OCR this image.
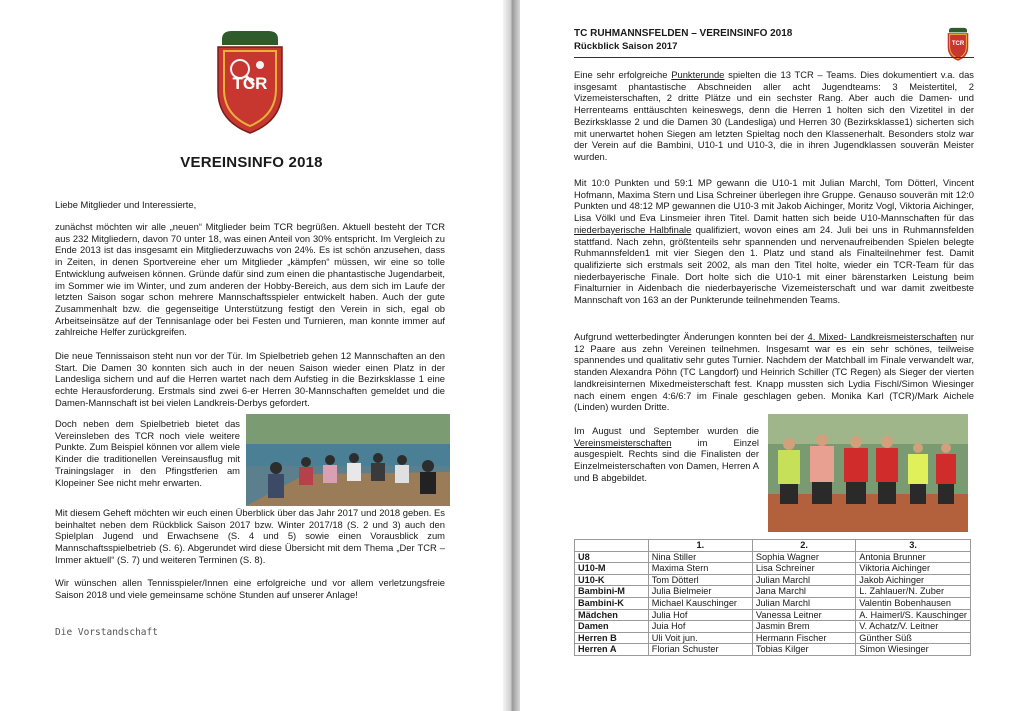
TCR
VEREINSINFO 2018

Liebe Mitglieder und Interessierte,

zunächst möchten wir alle „neuen“ Mitglieder beim TCR begrüßen. Aktuell besteht der TCR aus 232 Mitgliedern, davon 70 unter 18, was einen Anteil von 30% entspricht. Im Vergleich zu Ende 2013 ist das insgesamt ein Mitgliederzuwachs von 24%. Es ist schön anzusehen, dass in Zeiten, in denen Sportvereine eher um Mitglieder „kämpfen“ müssen, wir eine so tolle Entwicklung aufweisen können. Gründe dafür sind zum einen die phantastische Jugendarbeit, im Sommer wie im Winter, und zum anderen der Hobby-Bereich, aus dem sich im Laufe der letzten Saison sogar schon mehrere Mannschaftsspieler entwickelt haben. Auch der gute Zusammenhalt bzw. die gegenseitige Unterstützung festigt den Verein in sich, egal ob Arbeitseinsätze auf der Tennisanlage oder bei Festen und Turnieren, man konnte immer auf zahlreiche Helfer zurückgreifen.

Die neue Tennissaison steht nun vor der Tür. Im Spielbetrieb gehen 12 Mannschaften an den Start. Die Damen 30 konnten sich auch in der neuen Saison wieder einen Platz in der Landesliga sichern und auf die Herren wartet nach dem Aufstieg in die Bezirksklasse 1 eine echte Herausforderung. Erstmals sind zwei 6-er Herren 30-Mannschaften gemeldet und die Damen-Mannschaft ist bei vielen Landkreis-Derbys gefordert.

Doch neben dem Spielbetrieb bietet das Vereinsleben des TCR noch viele weitere Punkte. Zum Beispiel können vor allem viele Kinder die traditionellen Vereinsausflug mit Trainingslager in den Pfingstferien am Klopeiner See nicht mehr erwarten.

Mit diesem Geheft möchten wir euch einen Überblick über das Jahr 2017 und 2018 geben. Es beinhaltet neben dem Rückblick Saison 2017 bzw. Winter 2017/18 (S. 2 und 3) auch den Spielplan Jugend und Erwachsene (S. 4 und 5) sowie einen Vorausblick zum Mannschaftsspielbetrieb (S. 6). Abgerundet wird diese Übersicht mit dem Thema „Der TCR – Immer aktuell“ (S. 7) und weiteren Terminen (S. 8).

Wir wünschen allen Tennisspieler/Innen eine erfolgreiche und vor allem verletzungsfreie Saison 2018 und viele gemeinsame schöne Stunden auf unserer Anlage!

Die Vorstandschaft
TC RUHMANNSFELDEN – VEREINSINFO 2018
Rückblick Saison 2017	TCR

Eine sehr erfolgreiche Punkterunde spielten die 13 TCR – Teams. Dies dokumentiert v.a. das insgesamt phantastische Abschneiden aller acht Jugendteams: 3 Meistertitel, 2 Vizemeisterschaften, 2 dritte Plätze und ein sechster Rang. Aber auch die Damen- und Herrenteams enttäuschten keineswegs, denn die Herren 1 holten sich den Vizetitel in der Bezirksklasse 2 und die Damen 30 (Landesliga) und Herren 30 (Bezirksklasse1) sicherten sich mit unerwartet hohen Siegen am letzten Spieltag noch den Klassenerhalt. Besonders stolz war der Verein auf die Bambini, U10-1 und U10-3, die in ihren Jugendklassen souverän Meister wurden.

Mit 10:0 Punkten und 59:1 MP gewann die U10-1 mit Julian Marchl, Tom Dötterl, Vincent Hofmann, Maxima Stern und Lisa Schreiner überlegen ihre Gruppe. Genauso souverän mit 12:0 Punkten und 48:12 MP gewannen die U10-3 mit Jakob Aichinger, Moritz Vogl, Viktoria Aichinger, Lisa Völkl und Eva Linsmeier ihren Titel. Damit hatten sich beide U10-Mannschaften für das niederbayerische Halbfinale qualifiziert, wovon eines am 24. Juli bei uns in Ruhmannsfelden stattfand. Nach zehn, größtenteils sehr spannenden und nervenaufreibenden Spielen belegte Ruhmannsfelden1 mit vier Siegen den 1. Platz und stand als Finalteilnehmer fest. Damit qualifizierte sich erstmals seit 2002, als man den Titel holte, wieder ein TCR-Team für das niederbayerische Finale. Dort holte sich die U10-1 mit einer bärenstarken Leistung beim Finalturnier in Aidenbach die niederbayerische Vizemeisterschaft und war damit zweitbeste Mannschaft von 163 an der Punkterunde teilnehmenden Teams.

Aufgrund wetterbedingter Änderungen konnten bei der 4. Mixed- Landkreismeisterschaften nur 12 Paare aus zehn Vereinen teilnehmen. Insgesamt war es ein sehr schönes, teilweise spannendes und qualitativ sehr gutes Turnier. Nachdem der Matchball im Finale verwandelt war, standen Alexandra Pöhn (TC Langdorf) und Heinrich Schiller (TC Regen) als Sieger der vierten landkreisinternen Mixedmeisterschaft fest. Knapp mussten sich Lydia Fischl/Simon Wiesinger nach einem engen 4:6/6:7 im Finale geschlagen geben. Monika Karl (TCR)/Mark Aichele (Linden) wurden Dritte.

Im August und September wurden die Vereinsmeisterschaften im Einzel ausgespielt. Rechts sind die Finalisten der Einzelmeisterschaften von Damen, Herren A und B abgebildet.

	1.	2.	3.
U8	Nina Stiller	Sophia Wagner	Antonia Brunner
U10-M	Maxima Stern	Lisa Schreiner	Viktoria Aichinger
U10-K	Tom Dötterl	Julian Marchl	Jakob Aichinger
Bambini-M	Julia Bielmeier	Jana Marchl	L. Zahlauer/N. Zuber
Bambini-K	Michael Kauschinger	Julian Marchl	Valentin Bobenhausen
Mädchen	Julia Hof	Vanessa Leitner	A. Haimerl/S. Kauschinger
Damen	Juia Hof	Jasmin Brem	V. Achatz/V. Leitner
Herren B	Uli Voit jun.	Hermann Fischer	Günther Süß
Herren A	Florian Schuster	Tobias Kilger	Simon Wiesinger
